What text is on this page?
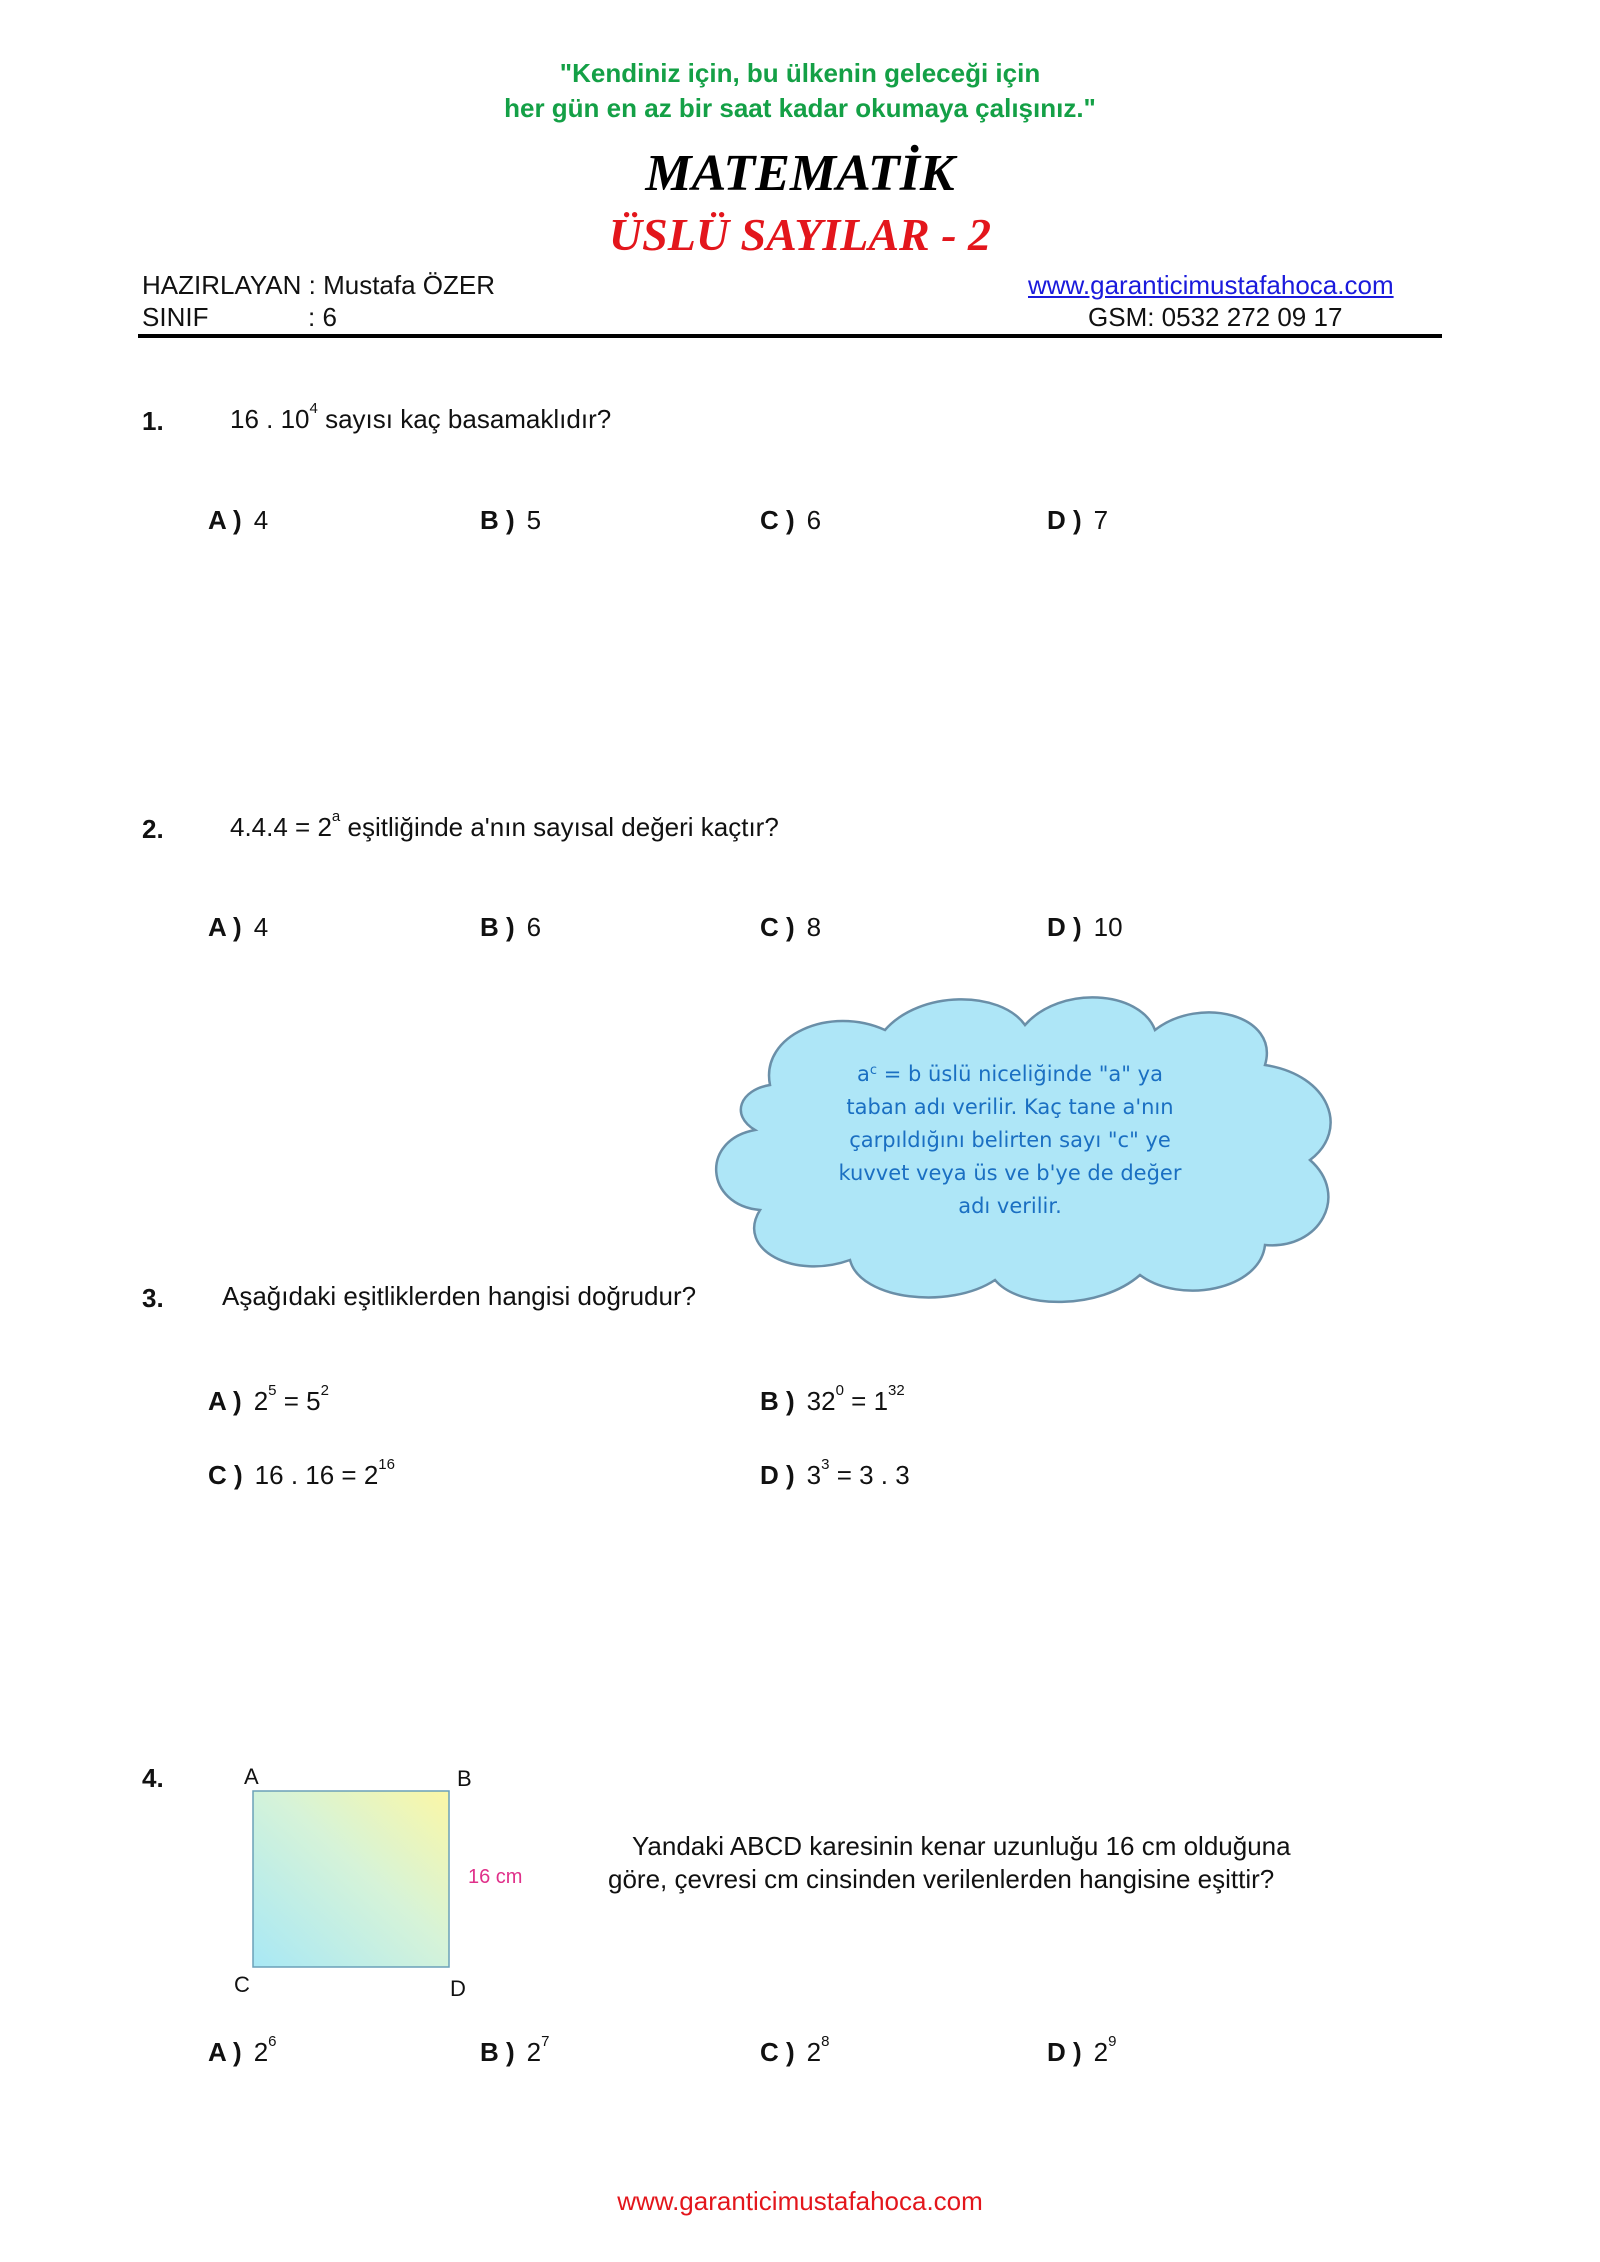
"Kendiniz için, bu ülkenin geleceği için
her gün en az bir saat kadar okumaya çalışınız."
MATEMATİK
ÜSLÜ SAYILAR - 2
HAZIRLAYAN : Mustafa ÖZER	www.garanticimustafahoca.com
SINIF	: 6	GSM: 0532 272 09 17
1.	16 . $10^4$ sayısı kaç basamaklıdır?
A ) 4	B ) 5	C ) 6	D ) 7
2.	$4.4.4 = 2^a$ eşitliğinde a'nın sayısal değeri kaçtır?
A ) 4	B ) 6	C ) 8	D ) 10
$a^c = b$ üslü niceliğinde "a" ya
taban adı verilir. Kaç tane a'nın
çarpıldığını belirten sayı "c" ye
kuvvet veya üs ve b'ye de değer
adı verilir.
3. Aşağıdaki eşitliklerden hangisi doğrudur?
A ) $2^5 = 5^2$	B ) $32^0 = 1^{32}$
C ) 16 . $16 = 2^{16}$	D ) $3^3 = 3$ . 3
4.	A	B
C	D
16 cm
Yandaki ABCD karesinin kenar uzunluğu 16 cm olduğuna
göre, çevresi cm cinsinden verilenlerden hangisine eşittir?
A ) $2^6$	B ) $2^7$	C ) $2^8$	D ) $2^9$
www.garanticimustafahoca.com
